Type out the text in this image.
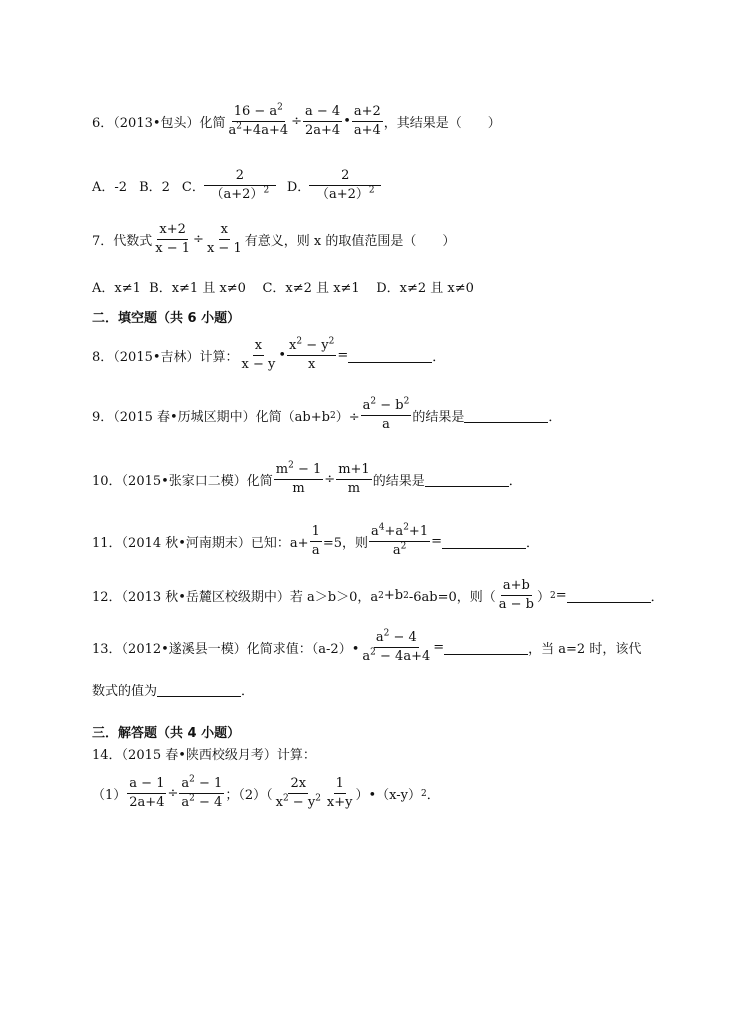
6．（2013•包头）化简 $\frac{16 - a^2}{a^2+4a+4} \div \frac{a - 4}{2a+4}$ • $\frac{a+2}{a+4}$ ，其结果是（　　）
A．-2 B．2 C． $\frac{2}{(a+2)^2}$ D． $\frac{2}{(a+2)^2}$
7．代数式 $\frac{x+2}{x - 1} \div \frac{x}{x - 1}$ 有意义，则 x 的取值范围是（　　）
A．x≠1  B．x≠1 且 x≠0    C．x≠2 且 x≠1    D．x≠2 且 x≠0
二．填空题（共 6 小题）
8．（2015•吉林）计算： $\frac{x}{x - y}$ • $\frac{x^2 - y^2}{x}$ =	．
9．（2015 春•历城区期中）化简（ab+b 2 ）÷ $\frac{a^2 - b^2}{a}$ 的结果是	．
10．（2015•张家口二模）化简 $\frac{m^2 - 1}{m} \div \frac{m+1}{m}$ 的结果是	．
11．（2014 秋•河南期末）已知：$a+ \frac{1}{a} =5$，则 $\frac{a^4+a^2+1}{a^2}$ =	．
12．（2013 秋•岳麓区校级期中）若 a＞b＞0，a 2 +b 2 -6ab=0，则（ $\frac{a+b}{a - b}$ ） 2 =	．
13．（2012•遂溪县一模）化简求值：（a-2）• $\frac{a^2 - 4}{a^2 - 4a+4}$ =	，当 a=2 时，该代
数式的值为	．
三．解答题（共 4 小题）
14．（2015 春•陕西校级月考）计算：
$(1) \frac{a - 1}{2a+4} \div \frac{a^2 - 1}{a^2 - 4}$ ；$(2)( \frac{2x}{x^2 - y^2} \frac{1}{x+y}$ ）•（x-y） 2 ．
